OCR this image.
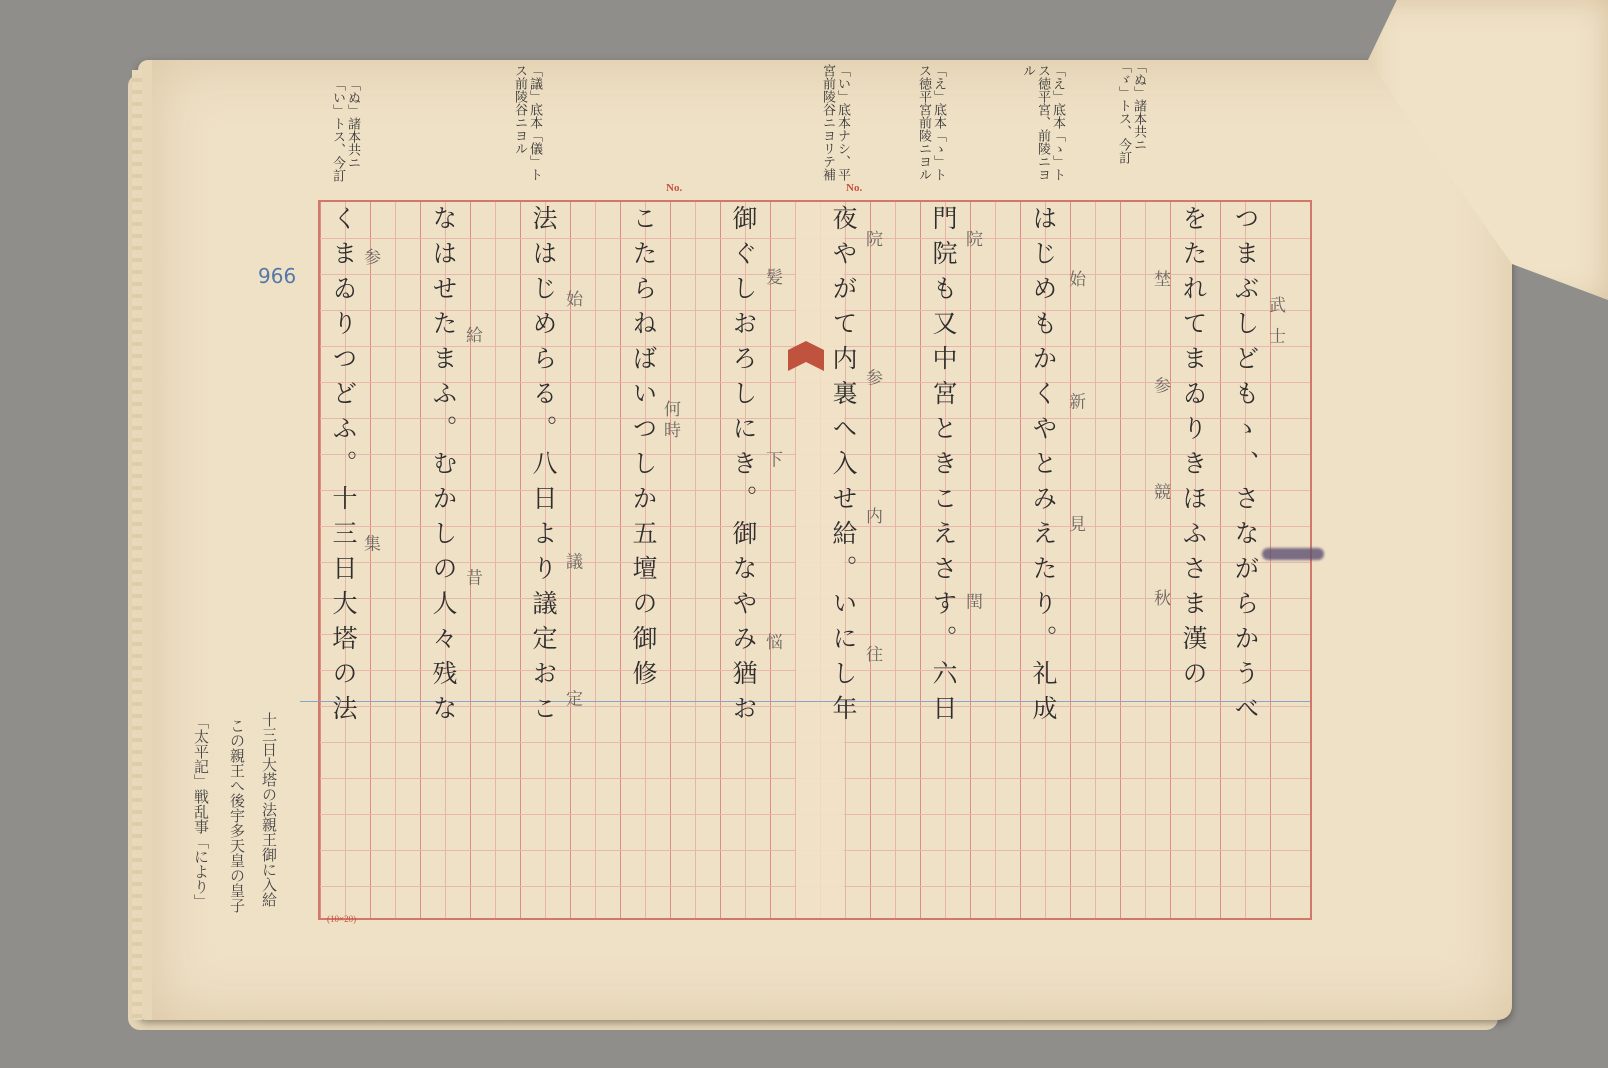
966
No.	No.
(10×20)
つまぶしどもゝ、さながらかうべ
をたれてまゐりきほふさま漢の
はじめもかくやとみえたり。礼成
門院も又中宮ときこえさす。六日
夜やがて内裏へ入せ給。いにし年
御ぐしおろしにき。御なやみ猶お
こたらねばいつしか五壇の御修
法はじめらる。八日より議定おこ
なはせたまふ。むかしの人々残な
くまゐりつどふ。十三日大塔の法	武士
埜 参 競 秋
始 新 見
院 閏
院 参 内 往
髪 下 悩
何時
始 議定
給 昔
参 集
「ぬ」諸本共ニ「ゞ」トス、今訂
「え」底本「ゝ」トス徳平宮、前陵ニヨル
「え」底本「ゝ」トス徳平宮前陵ニヨル
「い」底本ナシ、平宮前陵谷ニヨリテ補
「議」底本「儀」トス前陵谷ニヨル
「ぬ」諸本共ニ「い」トス、今訂
十三日大塔の法親王御に入給
この親王へ後宇多天皇の皇子
「太平記」戦乱事「により」
